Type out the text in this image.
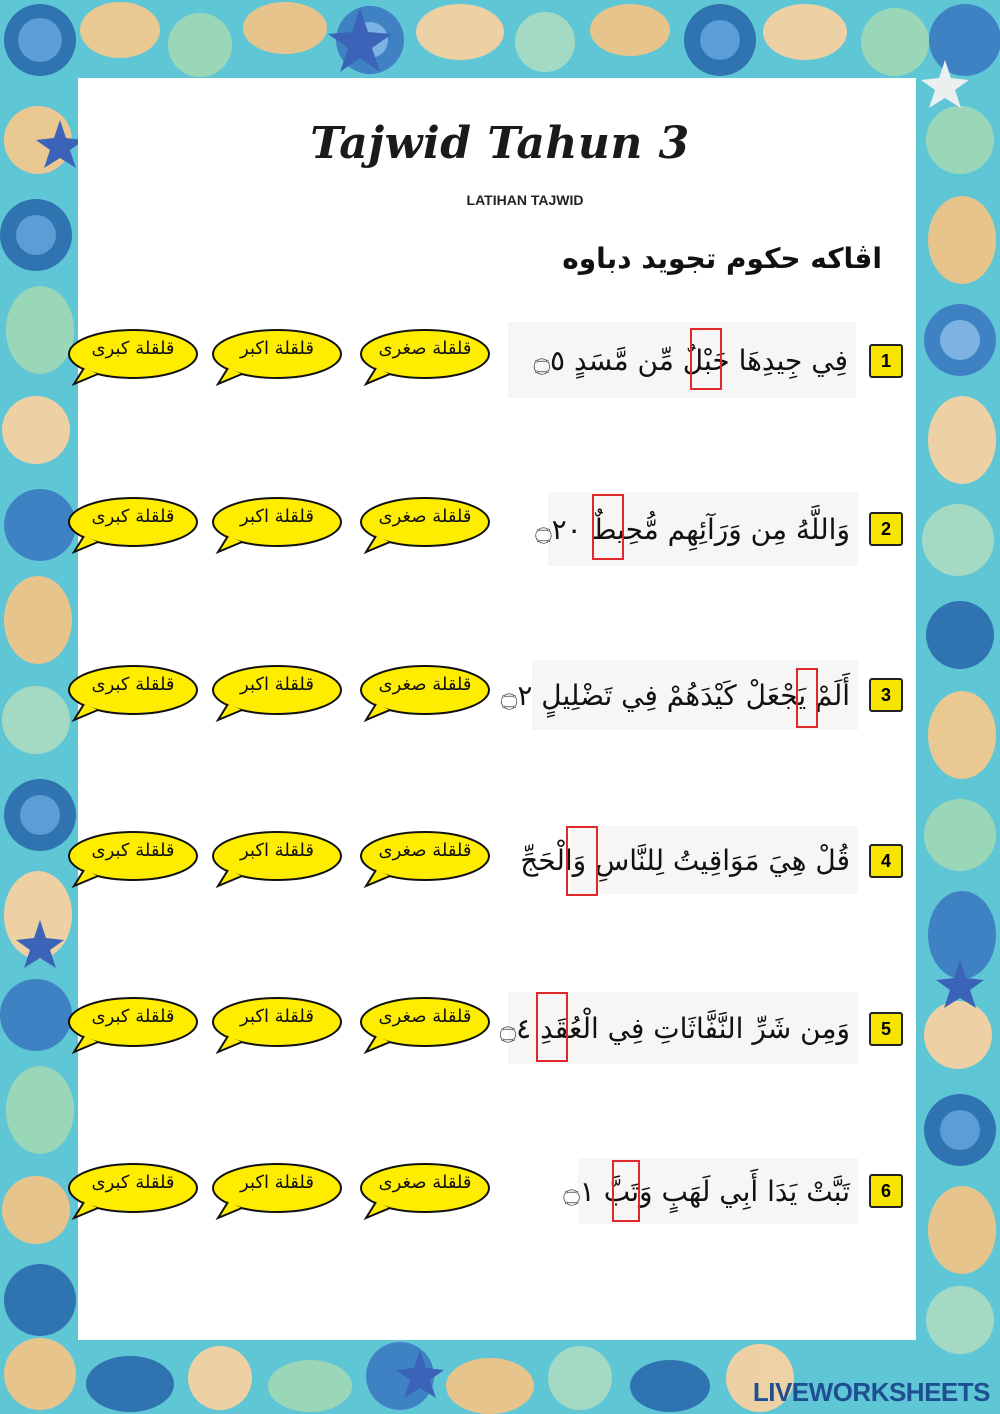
Tajwid Tahun 3
LATIHAN TAJWID
اڤاكه حكوم تجويد دباوه
1
فِي جِيدِهَا حَبْلٌ مِّن مَّسَدٍ ۝٥
قلقلة صغرى
قلقلة اكبر
قلقلة كبرى
2
وَاللَّهُ مِن وَرَآئِهِم مُّحِيطٌ ۝٢٠
قلقلة صغرى
قلقلة اكبر
قلقلة كبرى
3
أَلَمْ يَجْعَلْ كَيْدَهُمْ فِي تَضْلِيلٍ ۝٢
قلقلة صغرى
قلقلة اكبر
قلقلة كبرى
4
قُلْ هِيَ مَوَاقِيتُ لِلنَّاسِ وَالْحَجِّ
قلقلة صغرى
قلقلة اكبر
قلقلة كبرى
5
وَمِن شَرِّ النَّفَّاثَاتِ فِي الْعُقَدِ ۝٤
قلقلة صغرى
قلقلة اكبر
قلقلة كبرى
6
تَبَّتْ يَدَا أَبِي لَهَبٍ وَتَبَّ ۝١
قلقلة صغرى
قلقلة اكبر
قلقلة كبرى
LIVEWORKSHEETS
